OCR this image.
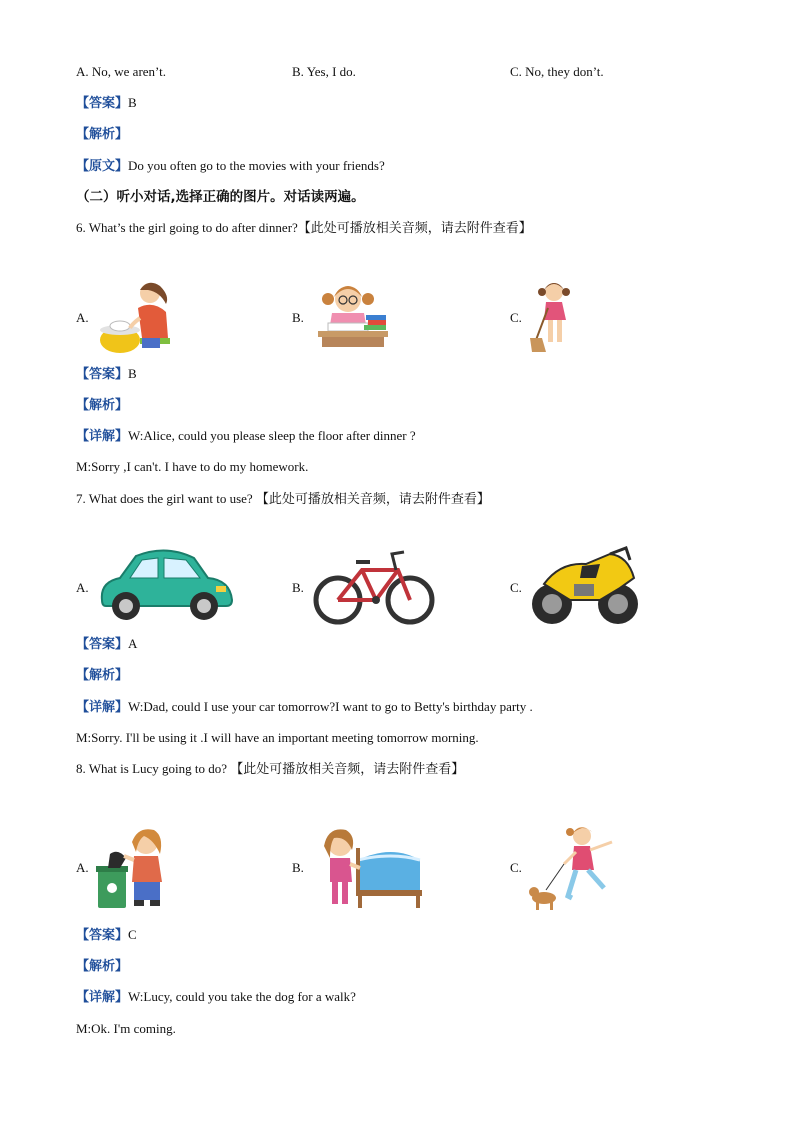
A. No, we aren’t.	B. Yes, I do.	C. No, they don’t.
【答案】B
【解析】
【原文】Do you often go to the movies with your friends?
（二）听小对话,选择正确的图片。对话读两遍。
6. What’s the girl going to do after dinner?【此处可播放相关音频，请去附件查看】
A.	B.	C.
【答案】B
【解析】
【详解】W:Alice, could you please sleep the floor after dinner ?
M:Sorry ,I can't. I have to do my homework.
7. What does the girl want to use? 【此处可播放相关音频，请去附件查看】
A.	B.	C.
【答案】A
【解析】
【详解】W:Dad, could I use your car tomorrow?I want to go to Betty's birthday party .
M:Sorry. I'll be using it .I will have an important meeting tomorrow morning.
8. What is Lucy going to do? 【此处可播放相关音频，请去附件查看】
A.	B.	C.
【答案】C
【解析】
【详解】W:Lucy, could you take the dog for a walk?
M:Ok. I'm coming.
